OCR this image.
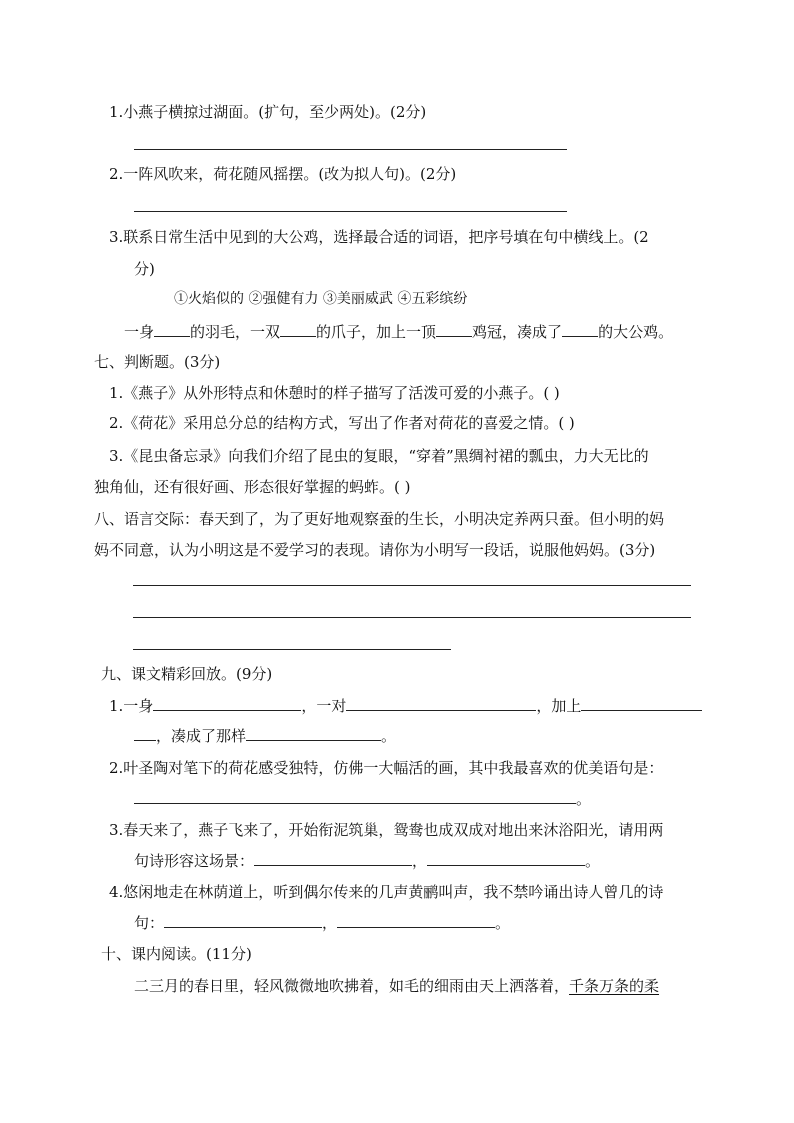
1.小燕子横掠过湖面。(扩句，至少两处)。(2分)
2.一阵风吹来，荷花随风摇摆。(改为拟人句)。(2分)
3.联系日常生活中见到的大公鸡，选择最合适的词语，把序号填在句中横线上。(2
分)
①火焰似的 ②强健有力 ③美丽威武 ④五彩缤纷
一身 的羽毛，一双 的爪子，加上一顶 鸡冠，凑成了 的大公鸡。
七、判断题。(3分)
1.《燕子》从外形特点和休憩时的样子描写了活泼可爱的小燕子。( )
2.《荷花》采用总分总的结构方式，写出了作者对荷花的喜爱之情。( )
3.《昆虫备忘录》向我们介绍了昆虫的复眼，“穿着”黑绸衬裙的瓢虫，力大无比的
独角仙，还有很好画、形态很好掌握的蚂蚱。( )
八、语言交际：春天到了，为了更好地观察蚕的生长，小明决定养两只蚕。但小明的妈
妈不同意，认为小明这是不爱学习的表现。请你为小明写一段话，说服他妈妈。(3分)
九、课文精彩回放。(9分)
1.一身	，一对	，加上
，凑成了那样	。
2.叶圣陶对笔下的荷花感受独特，仿佛一大幅活的画，其中我最喜欢的优美语句是：
。
3.春天来了，燕子飞来了，开始衔泥筑巢，鸳鸯也成双成对地出来沐浴阳光，请用两
句诗形容这场景：	，	。
4.悠闲地走在林荫道上，听到偶尔传来的几声黄鹂叫声，我不禁吟诵出诗人曾几的诗
句：	，	。
十、课内阅读。(11分)
二三月的春日里，轻风微微地吹拂着，如毛的细雨由天上洒落着，千条万条的柔
